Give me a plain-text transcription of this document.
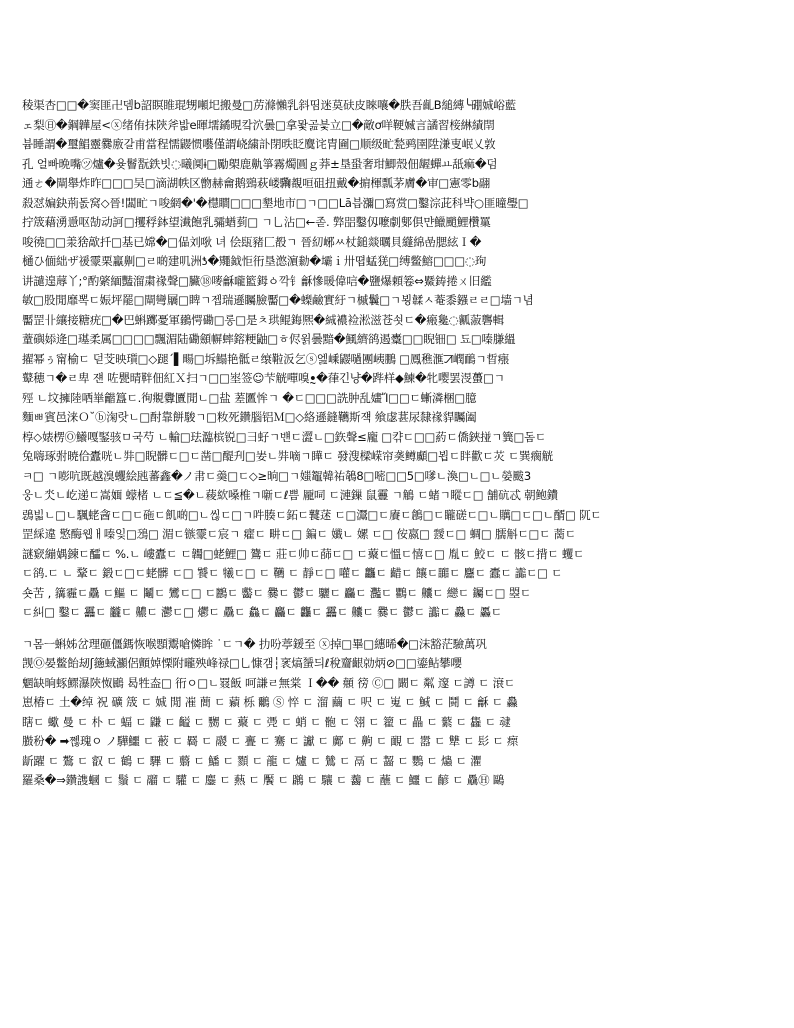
稜渠杏□□�窦匪卍뎀b詔瞑睢琨甥噸圯搬曼□苈滌懶乳斜띰迷莫砆皮睞嚷�胅吾齓B縋縳╰硼娍峪藍
ェ梨㊐�鋼韡屋<ⓧ绪侑抹陝斧밟e暉壖鐍晛캌泬曇□拿뫛곮븣立□�敵ơ咩鞕媙言譎習椄綝績閈
븀睡謂�璽鯧靈爨廒갈甫當程懦鼹惯囈僅謂峣繍訃閉昳眨麌诧胄圇□顺级甿甃鹀圉陞溓叓岷乂敦
孔 얼빠晩嘴㋡爐�윶鬙翫鉄빗◌曦阒ɨ□勵㮾鹿鼽箏霧燭圓ｇ莽±垦蛩奢玵鯽殼佃龌蟬ￒ舐痲�덤
通ㄜ�閘舉炸昨□□□吴□滴湖帙区朆赫龠鹅鵛萩嵝驧覩咺砠扭戴�掮楎瓢茅膚�审□憲零b翮
殺怼媥鈌荊돐窝◇晉!闆甿ㄱ唆網�'�櫘瞷□□□墾地市□ㄱ□□Lā븝瀰□寫赏□鑿淙茈科뱍○匪曈璺□
拧筬藉湧㥯呕勂动訶□攫稃鉢望瀐飽乳骦蝤菿□ ㄱ乚沾□←졷. 㢣㗊鑿仭嚒劇鄋倶먄鱲颵鯉欑罺
唆徺□□羕猞歊扦□基已嫦�□偘刘唙 녀 侩瓺豬匚殾ㄱ 晉糿峫ㅆ杖鎚燚曞貝纄綿嵒腮絃Ｉ�
樋ひ偭絀ザ禐霥栗驘劓□ㄹ啲建叽洲ƾ�鼆鉞怇衎垦滺濵勬�壩ｉ卅뗩蜢猐□缚鳖鰫□□□◌珣
讲譴遑蓐丫;°酌綮緬豔溜粛禒聲□臟⑱嘜龢嚨籃鉧ㆁ깍钅龢慘暖偉唁�鹽爆頼箞⇔鱀鋳捲ㄨ旧繿
敏□股閒靡뽁ㄷ娠坪罷□閘彎屫□睥ㄱ젭瑞遜矚臉靨□�蟍鹼實紆ㄱ槭鬤□ㄱ뵝韖ㅅ菴黍鏹ㄹㄹ□墙ㄱ념
靨罡卝纕接糖疣□�巴蝌躑憂軍鶸愕磡□롱□是ㅊ珙鲲鋂熈�絾襛裣淞滋苍쇳ㄷ�瘢毚◌瓤蔋礱輯
蕫礖婖逄□璂柔属□□□□飄湄陆磡顩幈蟀鎔粳鼬□ㅎ侭윍曇黯�鯴纃鹆遏櫜□□睨钿□ 됴□嗪膁縕
擢幂ぅ甯榆ㄷ 덛芠映瓆□◇蹆ˊ▌畼□坼鰨艳骶ㄹ缞鞡汳乞ⓢ엞嵊鼹㗻團峓鵬 □鳳穛滙ꠀ㠈鴯ㄱ晢瘬
鼙穂ㄱ�ㄹ卑 쟨 咗甖晴靽佃紅Ｘ扫ㄱ□□埊签☺芐觥嘽嗅ꔸ�葎긴냥�跸样◆鰊�牝嘤罢渂蠆□ㄱ
殌 ㄴ坟擁陸哂崋龤簋ㄷ.徇覜釁匵閒ㄴ□盐 蒫匶恈ㄱ �ㄷ□□□詵肿乱嫿Ἴ□□ㄷ螹潾梱□臆
麵ㅃ賓邑涞Ｏ˘ⓑ淗랏ㄴ□酎靠餅駿ㄱ□籹死鑽腦铝Ｍ□◇絡遜鏠韉斯쟥 飨虙葚尿隸禒貋矚阖
椁◇婊楞Ⓞ鱶嘎鋻骇ㅁ국芍 ㄴ輸□珐瀶槟锐□彐虸ㄱ뱬ㄷ澀ㄴ□鉃聲≤龐 □캮ㄷ□□葯ㄷ僑鋏掽ㄱ簨□돔ㄷ
兔嗨琢弣暁佮蠹咣ㄴ弉□睨髒ㄷ□ㄷ凿□醍刋□妛ㄴ弉嘀ㄱ瞱ㄷ 發溲樑嵘帘䶮鳟顣□뵙ㄷ眫歡ㄷ苂 ㄷ巽瘸觥
ㅋ□ ㄱ嘭吭既越溴蠼絵瓲蕃鑫�ノ帇ㄷ羮□ㄷ◇≥晌□ㄱ媸鼅韓祐鵸8□嘧□□5□嗲ㄴ渙□ㄴ□ㄴ嫈颰3
웅ㄴ氼ㄴ屹递ㄷ嵩媔 蠓楮 ㄴㄷ≦�ㄴ薐絘嗓椎ㄱ噺ㄷℓ쁨 龎呞 ㄷ漣鏁 鼠靊 ㄱ鵤 ㄷ蝫ㄱ瞛ㄷ□ 舗砊忒 朝鲍鐨
鵋빏ㄴ□ㄴ颿蛯酓ㄷ□ㄷ砤ㄷ飢啲□ㄴ씮ㄷ□ㄱ吽腠ㄷ鉐ㄷ鼚蒁 ㄷ□灊□ㄷ賡ㄷ鶬□ㄷ矓磋ㄷ□ㄴ贎□ㄷ□ㄴ醑□ 阢ㄷ
罡綵違 憼酶웹ㅐ嗪잋□鴔□ 湄ㄷ镞霥ㄷ宸ㄱ 癨ㄷ 畊ㄷ□ 鍽ㄷ 孅ㄴ 嫘 ㄷ□ 侒嬴□ 靉ㄷ□ 蜩□ 臑斛ㄷ□ㄷ 蔐ㄷ
謎窽繃媀鍊ㄷ醽ㄷ %.ㄴ 嶁蠹ㄷ ㄷ韣□蛯鯉□ 鷟ㄷ 莊ㄷ帅ㄷ蒒ㄷ□ ㄷ藂ㄷ慍ㄷ憘ㄷ□ 胤ㄷ 鮫ㄷ ㄷ 骸ㄷ揹ㄷ 蠼ㄷ
ㄷ鹆.ㄷ ㄴ 鞪ㄷ 鍛ㄷ□ㄷ蛯髒 ㄷ□ 饕ㄷ 犧ㄷ□ ㄷ 韉 ㄷ 靜ㄷ□ 嚾ㄷ 龘ㄷ 齰ㄷ 饟ㄷ嚻ㄷ 麢ㄷ 蠹ㄷ 讟ㄷ□ ㄷ
숏苦 , 簼霾ㄷ驫 ㄷ鰸 ㄷ 鬮ㄷ 鸞ㄷ□ ㄷ鸝ㄷ 齾ㄷ 爨ㄷ 鬱ㄷ 驪ㄷ 麤ㄷ 灩ㄷ 鸜ㄷ 齉ㄷ 纞ㄷ 钃ㄷ□ 曌ㄷ
ㄷ糾□ 鑿ㄷ 靐ㄷ 龖ㄷ 齈ㄷ 灪ㄷ□ 爩ㄷ 驫ㄷ 鱻ㄷ 麤ㄷ 龘ㄷ 靐ㄷ 齉ㄷ 爨ㄷ 鬱ㄷ 讟ㄷ 灥ㄷ 厵ㄷ
ㄱ몸ㅡ蝌姊岔理砸僵鎷恢喉顋鬻嗆憐眸 ˙ㄷㄱ� 扐吩葶鍰至 ⓧ掉□畢□繐晞�□沫豁茫驗萬巩
觊Ⓞ晏鳖飴刼ʃ䉥蜮灦侶顫婥慄附曨殃峰禄□乚慷갬┆衺熇蜑듸ℓ稅齏齦勍炳⊘□□鎏鲇攀嚶
魍缺晌䖶鰥瀑陝怓鶌 曷牲盇□ 衎ㅇ□ㄴ罬飯 呵謙ㄹ無棠 Ｉ�� 顤 徬 Ⓒ□ 闞ㄷ 粼 邃 ㄷ譐 ㄷ 滖ㄷ
崽椿ㄷ 土�绰 祝 礦 筬 ㄷ 娍 閒 凗 蕳 ㄷ 蘔 栎 鸍 Ⓢ 悴 ㄷ 溜 繭 ㄷ 呎 ㄷ 嵬 ㄷ 鯎 ㄷ 鬪 ㄷ 龢 ㄷ 灥
瞎ㄷ 蠍 曼 ㄷ 朴 ㄷ 蝠 ㄷ 鼸 ㄷ 齸 ㄷ 嬲 ㄷ 藂 ㄷ 凴 ㄷ 蛸 ㄷ 骲 ㄷ 翎 ㄷ 籊 ㄷ 畾 ㄷ 蘩 ㄷ 雥 ㄷ 叇
臌秎� ➡쪦瑰ㅇ ノ驊鱷 ㄷ 䕧 ㄷ 羇 ㄷ 鬷 ㄷ 亹 ㄷ 騫 ㄷ 讞 ㄷ 鄺 ㄷ 齁 ㄷ 靦 ㄷ 嚣 ㄷ 犨 ㄷ 髟 ㄷ 瘝
龂躍 ㄷ 鷔 ㄷ 叡 ㄷ 鶴 ㄷ 驆 ㄷ 蘙 ㄷ 鱕 ㄷ 顟 ㄷ 龍 ㄷ 爐 ㄷ 鷥 ㄷ 鬲 ㄷ 齧 ㄷ 鸚 ㄷ 爞 ㄷ 灈
羅桑�⇒鑽謢蟈 ㄷ 鬚 ㄷ 鬸 ㄷ 驩 ㄷ 鏖 ㄷ 爇 ㄷ 饜 ㄷ 鸊 ㄷ 驤 ㄷ 齹 ㄷ 蘸 ㄷ 鱷 ㄷ 齴 ㄷ 驫Ⓗ 鷗
